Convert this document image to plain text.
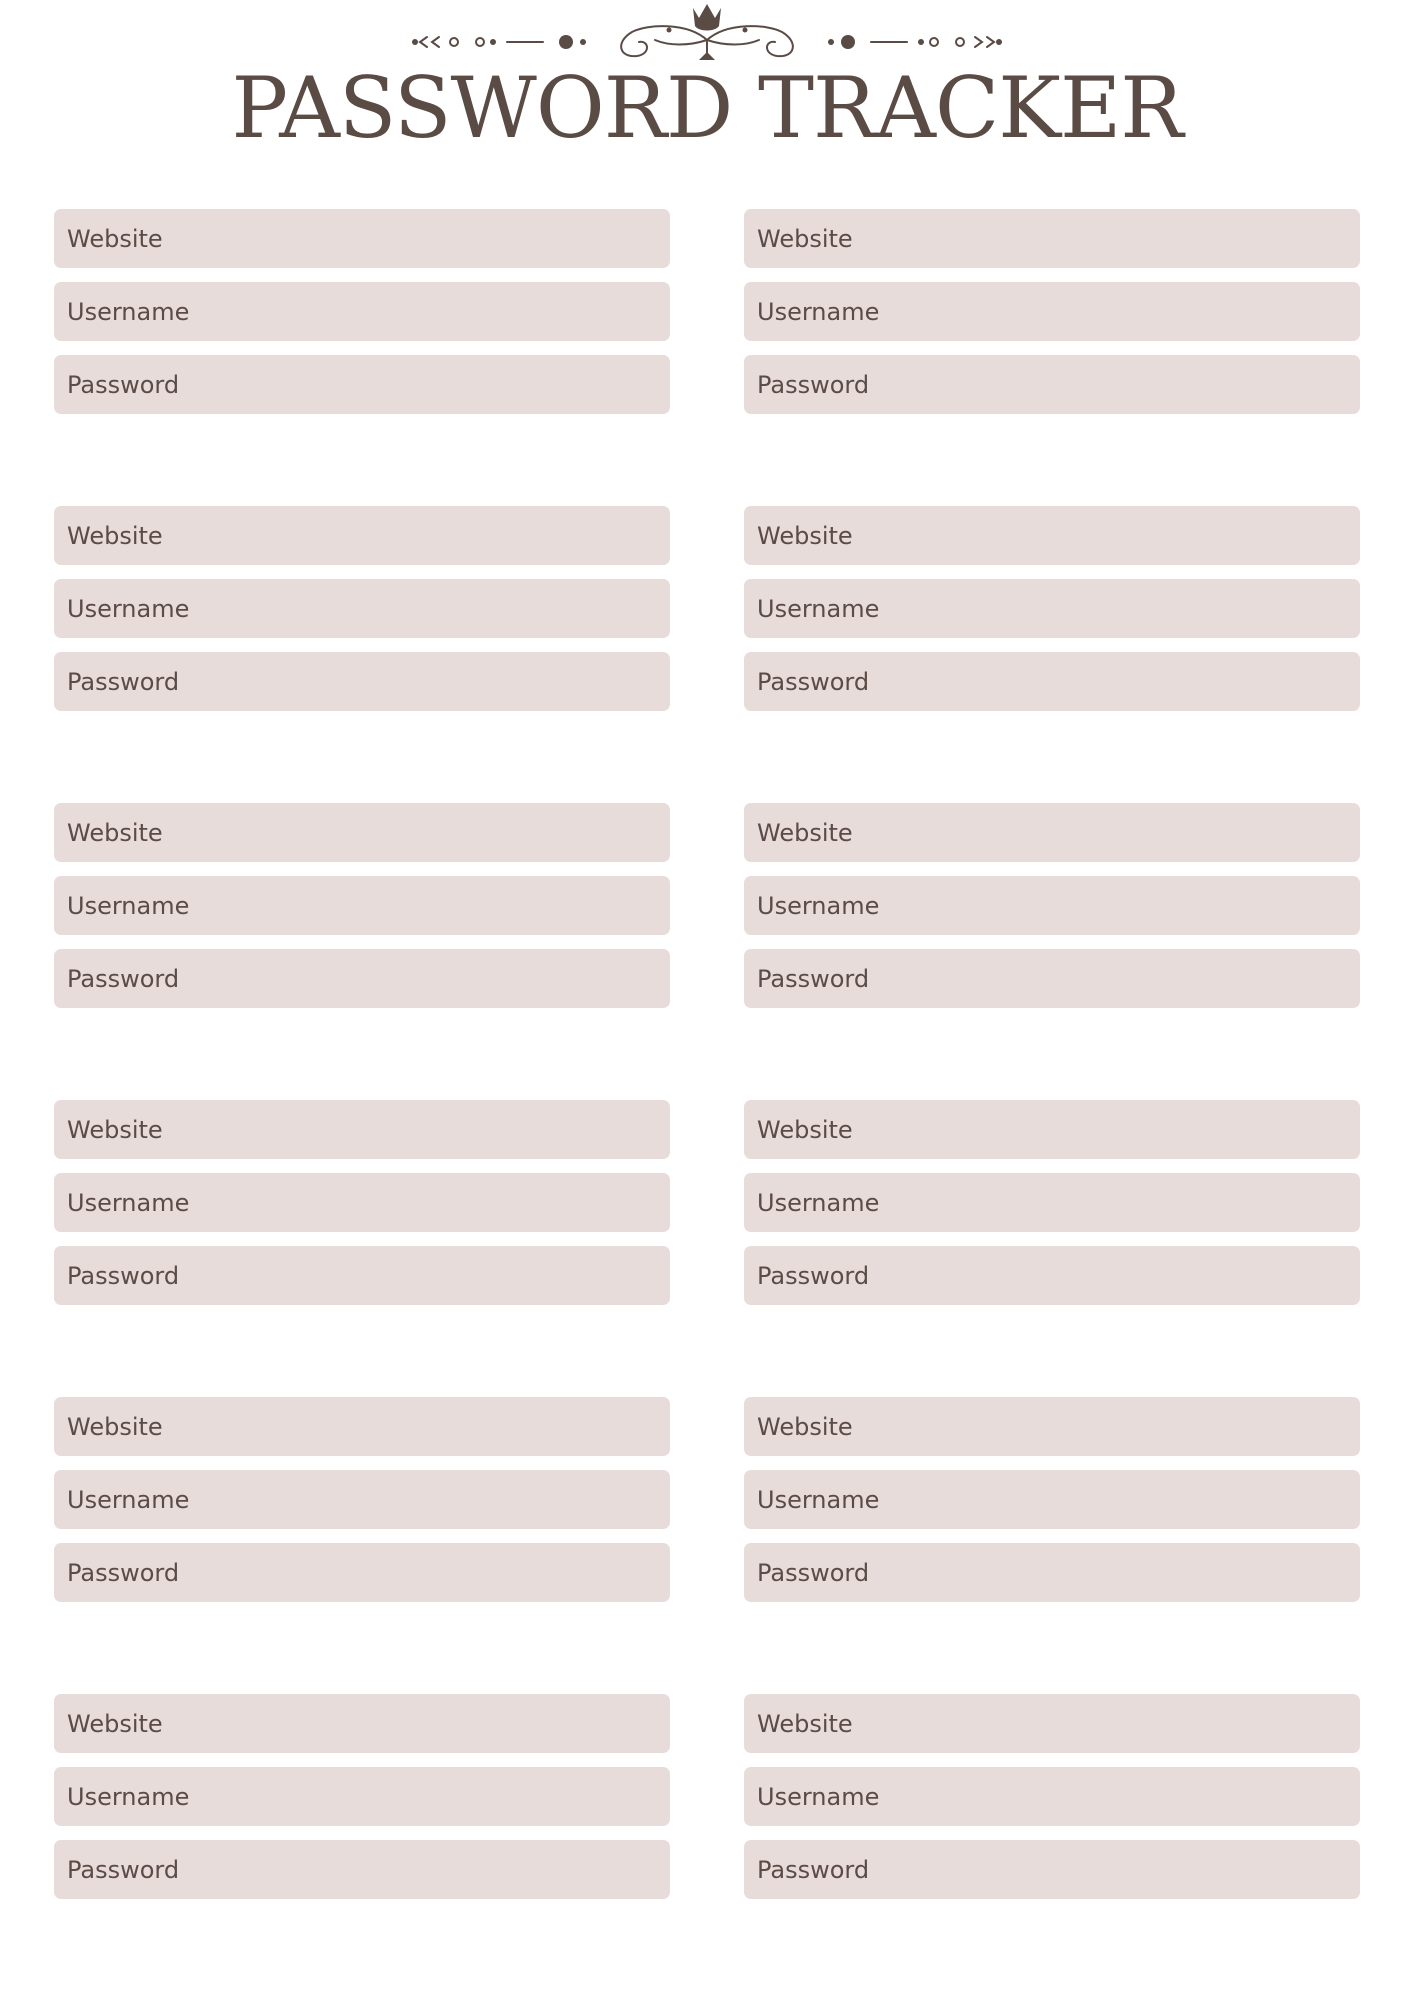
PASSWORD TRACKER
Website
Username
Password
Website
Username
Password
Website
Username
Password
Website
Username
Password
Website
Username
Password
Website
Username
Password
Website
Username
Password
Website
Username
Password
Website
Username
Password
Website
Username
Password
Website
Username
Password
Website
Username
Password
